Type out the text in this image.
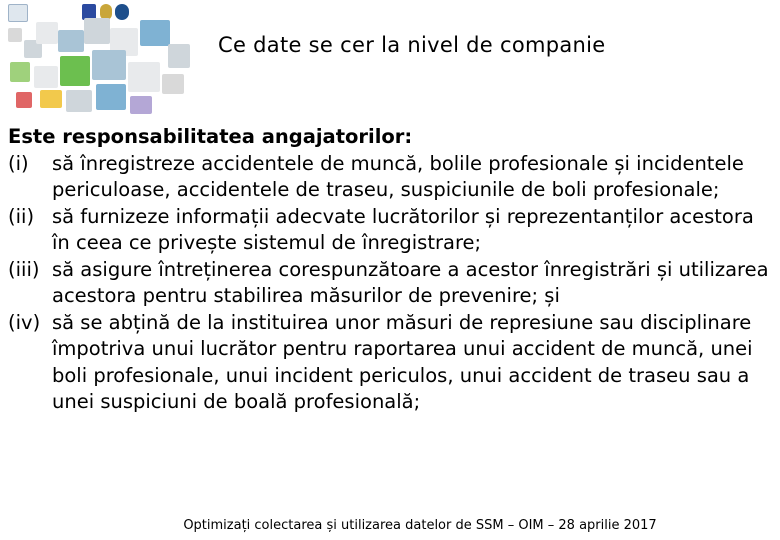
Ce date se cer la nivel de companie
Este responsabilitatea angajatorilor:
(i)	să înregistreze accidentele de muncă, bolile profesionale și incidentele periculoase, accidentele de traseu, suspiciunile de boli profesionale;
(ii) să furnizeze informații adecvate lucrătorilor și reprezentanților acestora în ceea ce privește sistemul de înregistrare;
(iii) să asigure întreținerea corespunzătoare a acestor înregistrări și utilizarea acestora pentru stabilirea măsurilor de prevenire; și
(iv) să se abțină de la instituirea unor măsuri de represiune sau disciplinare împotriva unui lucrător pentru raportarea unui accident de muncă, unei boli profesionale, unui incident periculos, unui accident de traseu sau a unei suspiciuni de boală profesională;
Optimizați colectarea și utilizarea datelor de SSM – OIM – 28 aprilie 2017
